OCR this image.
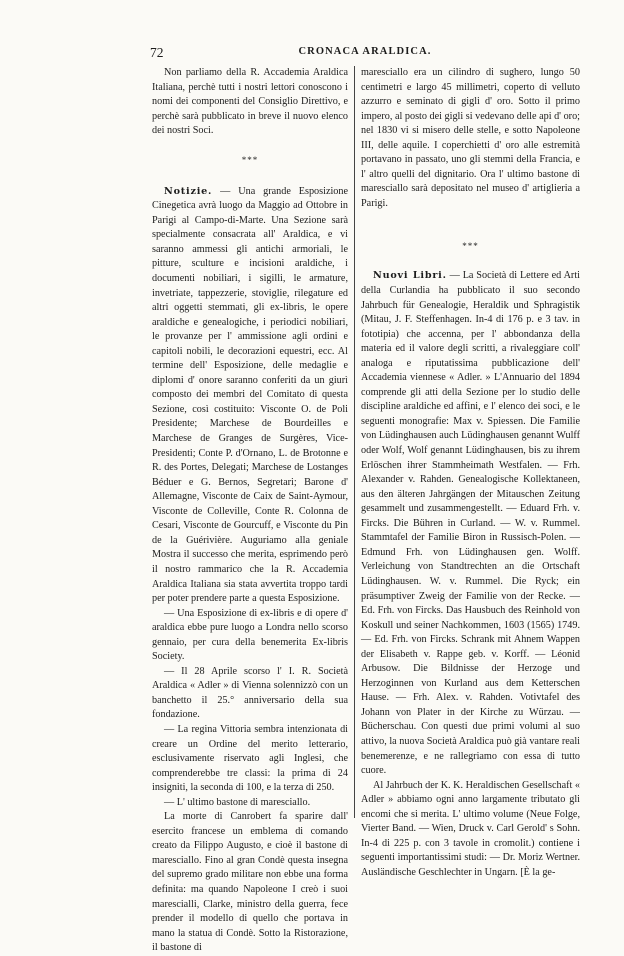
72	CRONACA ARALDICA.

Non parliamo della R. Accademia Araldica Italiana, perchè tutti i nostri lettori conoscono i nomi dei componenti del Consiglio Direttivo, e perchè sarà pubblicato in breve il nuovo elenco dei nostri Soci.

***

Notizie. — Una grande Esposizione Cinegetica avrà luogo da Maggio ad Ottobre in Parigi al Campo-di-Marte. Una Sezione sarà specialmente consacrata all' Araldica, e vi saranno ammessi gli antichi armoriali, le pitture, sculture e incisioni araldiche, i documenti nobiliari, i sigilli, le armature, invetriate, tappezzerie, stoviglie, rilegature ed altri oggetti stemmati, gli ex-libris, le opere araldiche e genealogiche, i periodici nobiliari, le provanze per l' ammissione agli ordini e capitoli nobili, le decorazioni equestri, ecc. Al termine dell' Esposizione, delle medaglie e diplomi d' onore saranno conferiti da un giurì composto dei membri del Comitato di questa Sezione, così costituito: Visconte O. de Poli Presidente; Marchese de Bourdeilles e Marchese de Granges de Surgères, Vice-Presidenti; Conte P. d'Ornano, L. de Brotonne e R. des Portes, Delegati; Marchese de Lostanges Béduer e G. Bernos, Segretari; Barone d' Allemagne, Visconte de Caix de Saint-Aymour, Visconte de Colleville, Conte R. Colonna de Cesari, Visconte de Gourcuff, e Visconte du Pin de la Guérivière. Auguriamo alla geniale Mostra il successo che merita, esprimendo però il nostro rammarico che la R. Accademia Araldica Italiana sia stata avvertita troppo tardi per poter prendere parte a questa Esposizione.

— Una Esposizione di ex-libris e di opere d' araldica ebbe pure luogo a Londra nello scorso gennaio, per cura della benemerita Ex-libris Society.

— Il 28 Aprile scorso l' I. R. Società Araldica « Adler » di Vienna solennizzò con un banchetto il 25.° anniversario della sua fondazione.

— La regina Vittoria sembra intenzionata di creare un Ordine del merito letterario, esclusivamente riservato agli Inglesi, che comprenderebbe tre classi: la prima di 24 insigniti, la seconda di 100, e la terza di 250.

— L' ultimo bastone di maresciallo.

La morte di Canrobert fa sparire dall' esercito francese un emblema di comando creato da Filippo Augusto, e cioè il bastone di maresciallo. Fino al gran Condè questa insegna del supremo grado militare non ebbe una forma definita: ma quando Napoleone I creò i suoi marescialli, Clarke, ministro della guerra, fece prender il modello di quello che portava in mano la statua di Condè. Sotto la Ristorazione, il bastone di

maresciallo era un cilindro di sughero, lungo 50 centimetri e largo 45 millimetri, coperto di velluto azzurro e seminato di gigli d' oro. Sotto il primo impero, al posto dei gigli si vedevano delle api d' oro; nel 1830 vi si misero delle stelle, e sotto Napoleone III, delle aquile. I coperchietti d' oro alle estremità portavano in passato, uno gli stemmi della Francia, e l' altro quelli del dignitario. Ora l' ultimo bastone di maresciallo sarà depositato nel museo d' artiglieria a Parigi.

***

Nuovi Libri. — La Società di Lettere ed Arti della Curlandia ha pubblicato il suo secondo Jahrbuch für Genealogie, Heraldik und Sphragistik (Mitau, J. F. Steffenhagen. In-4 di 176 p. e 3 tav. in fototipia) che accenna, per l' abbondanza della materia ed il valore degli scritti, a rivaleggiare coll' analoga e riputatissima pubblicazione dell' Accademia viennese « Adler. » L'Annuario del 1894 comprende gli atti della Sezione per lo studio delle discipline araldiche ed affini, e l' elenco dei soci, e le seguenti monografie: Max v. Spiessen. Die Familie von Lüdinghausen auch Lüdinghausen genannt Wulff oder Wolf, Wolf genannt Lüdinghausen, bis zu ihrem Erlöschen ihrer Stammheimath Westfalen. — Frh. Alexander v. Rahden. Genealogische Kollektaneen, aus den älteren Jahrgängen der Mitauschen Zeitung gesammelt und zusammengestellt. — Eduard Frh. v. Fircks. Die Bühren in Curland. — W. v. Rummel. Stammtafel der Familie Biron in Russisch-Polen. — Edmund Frh. von Lüdinghausen gen. Wolff. Verleichung von Standtrechten an die Ortschaft Lüdinghausen. W. v. Rummel. Die Ryck; ein präsumptiver Zweig der Familie von der Recke. — Ed. Frh. von Fircks. Das Hausbuch des Reinhold von Koskull und seiner Nachkommen, 1603 (1565) 1749. — Ed. Frh. von Fircks. Schrank mit Ahnem Wappen der Elisabeth v. Rappe geb. v. Korff. — Léonid Arbusow. Die Bildnisse der Herzoge und Herzoginnen von Kurland aus dem Ketterschen Hause. — Frh. Alex. v. Rahden. Votivtafel des Johann von Plater in der Kirche zu Würzau. — Bücherschau. Con questi due primi volumi al suo attivo, la nuova Società Araldica può già vantare reali benemerenze, e ne rallegriamo con essa di tutto cuore.

Al Jahrbuch der K. K. Heraldischen Gesellschaft « Adler » abbiamo ogni anno largamente tributato gli encomi che si merita. L' ultimo volume (Neue Folge, Vierter Band. — Wien, Druck v. Carl Gerold' s Sohn. In-4 di 225 p. con 3 tavole in cromolit.) contiene i seguenti importantissimi studi: — Dr. Moriz Wertner. Ausländische Geschlechter in Ungarn. [È la ge-
